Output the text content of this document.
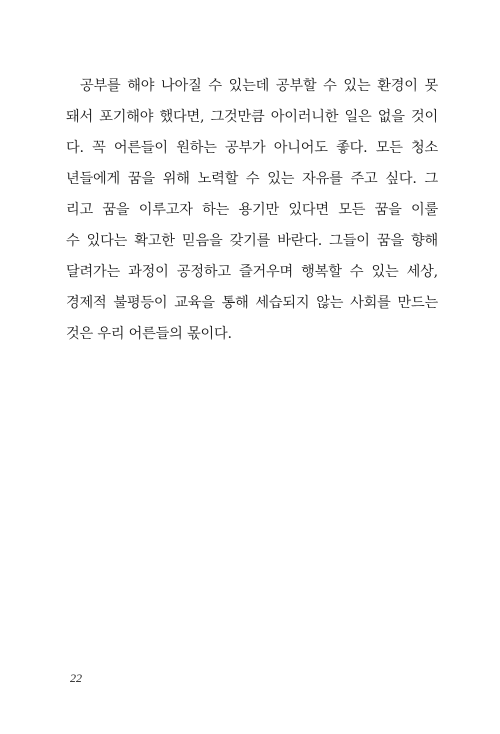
공부를 해야 나아질 수 있는데 공부할 수 있는 환경이 못
돼서 포기해야 했다면, 그것만큼 아이러니한 일은 없을 것이
다. 꼭 어른들이 원하는 공부가 아니어도 좋다. 모든 청소
년들에게 꿈을 위해 노력할 수 있는 자유를 주고 싶다. 그
리고 꿈을 이루고자 하는 용기만 있다면 모든 꿈을 이룰
수 있다는 확고한 믿음을 갖기를 바란다. 그들이 꿈을 향해
달려가는 과정이 공정하고 즐거우며 행복할 수 있는 세상,
경제적 불평등이 교육을 통해 세습되지 않는 사회를 만드는
것은 우리 어른들의 몫이다.
22
